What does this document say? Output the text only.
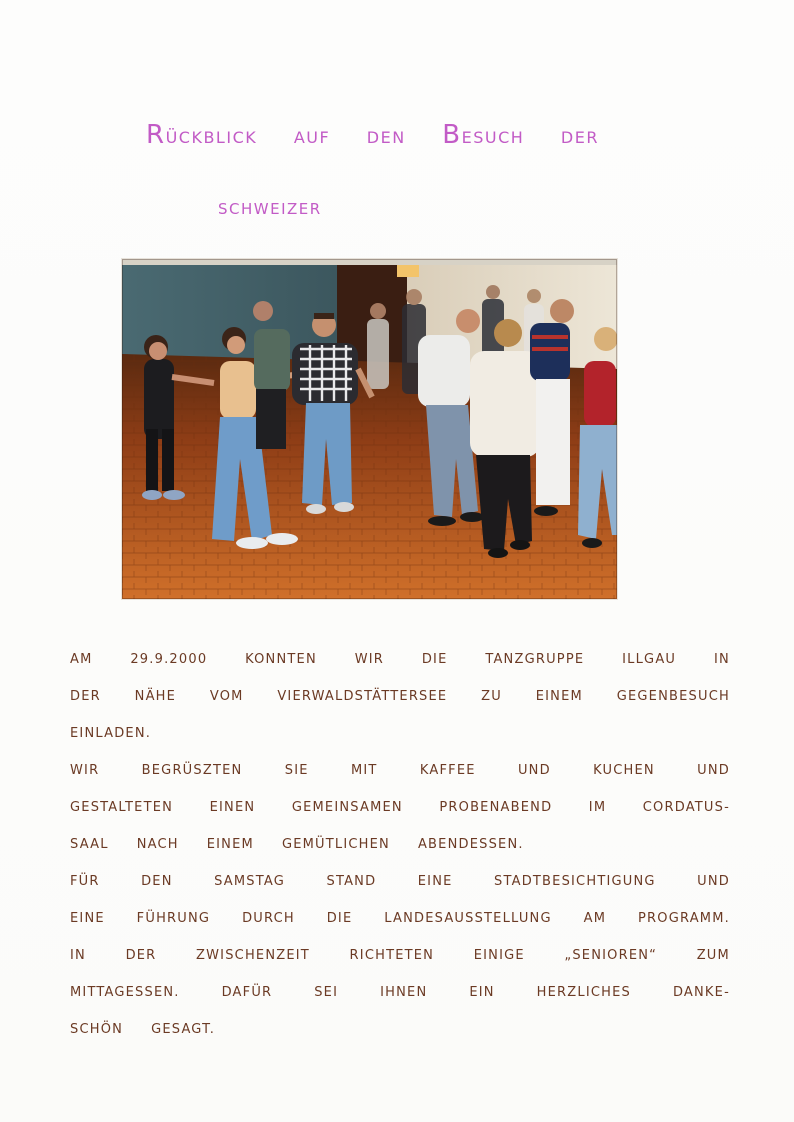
RÜCKBLICK AUF DEN BESUCH DER
SCHWEIZER
AM	29.9.2000	KONNTEN	WIR	DIE	TANZGRUPPE	ILLGAU	IN
DER	NÄHE	VOM	VIERWALDSTÄTTERSEE	ZU	EINEM	GEGENBESUCH
EINLADEN.
WIR	BEGRÜSZTEN	SIE	MIT	KAFFEE	UND	KUCHEN	UND
GESTALTETEN	EINEN	GEMEINSAMEN	PROBENABEND	IM	CORDATUS-
SAAL NACH EINEM GEMÜTLICHEN ABENDESSEN.
FÜR	DEN	SAMSTAG	STAND	EINE	STADTBESICHTIGUNG	UND
EINE FÜHRUNG DURCH DIE LANDESAUSSTELLUNG AM PROGRAMM.
IN	DER	ZWISCHENZEIT	RICHTETEN	EINIGE	„SENIOREN“	ZUM
MITTAGESSEN.	DAFÜR	SEI	IHNEN	EIN	HERZLICHES	DANKE-
SCHÖN GESAGT.
